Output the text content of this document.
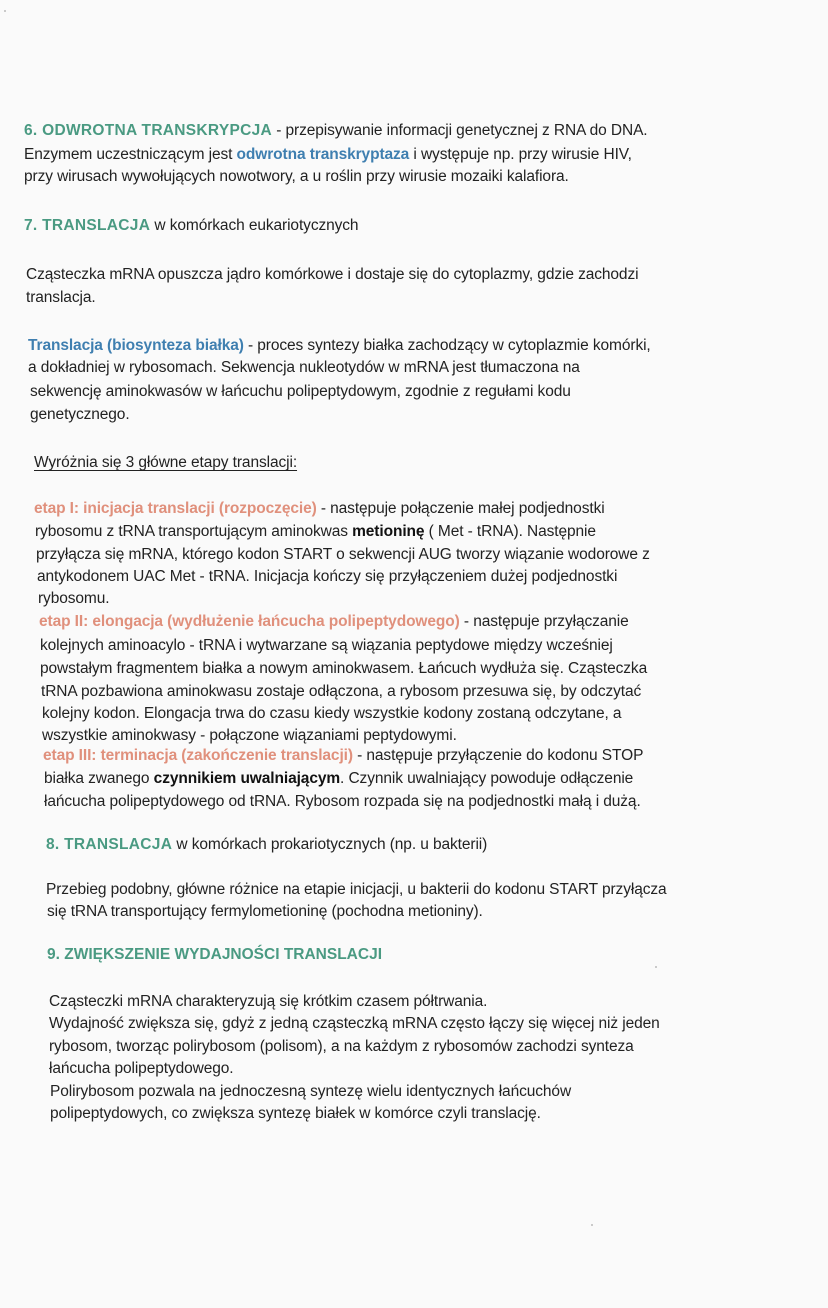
6. ODWROTNA TRANSKRYPCJA - przepisywanie informacji genetycznej z RNA do DNA.
Enzymem uczestniczącym jest odwrotna transkryptaza i występuje np. przy wirusie HIV,
przy wirusach wywołujących nowotwory, a u roślin przy wirusie mozaiki kalafiora.
7. TRANSLACJA w komórkach eukariotycznych
Cząsteczka mRNA opuszcza jądro komórkowe i dostaje się do cytoplazmy, gdzie zachodzi
translacja.
Translacja (biosynteza białka) - proces syntezy białka zachodzący w cytoplazmie komórki,
a dokładniej w rybosomach. Sekwencja nukleotydów w mRNA jest tłumaczona na
sekwencję aminokwasów w łańcuchu polipeptydowym, zgodnie z regułami kodu
genetycznego.
Wyróżnia się 3 główne etapy translacji:
etap I: inicjacja translacji (rozpoczęcie) - następuje połączenie małej podjednostki
rybosomu z tRNA transportującym aminokwas metioninę ( Met - tRNA). Następnie
przyłącza się mRNA, którego kodon START o sekwencji AUG tworzy wiązanie wodorowe z
antykodonem UAC Met - tRNA. Inicjacja kończy się przyłączeniem dużej podjednostki
rybosomu.
etap II: elongacja (wydłużenie łańcucha polipeptydowego) - następuje przyłączanie
kolejnych aminoacylo - tRNA i wytwarzane są wiązania peptydowe między wcześniej
powstałym fragmentem białka a nowym aminokwasem. Łańcuch wydłuża się. Cząsteczka
tRNA pozbawiona aminokwasu zostaje odłączona, a rybosom przesuwa się, by odczytać
kolejny kodon. Elongacja trwa do czasu kiedy wszystkie kodony zostaną odczytane, a
wszystkie aminokwasy - połączone wiązaniami peptydowymi.
etap III: terminacja (zakończenie translacji) - następuje przyłączenie do kodonu STOP
białka zwanego czynnikiem uwalniającym. Czynnik uwalniający powoduje odłączenie
łańcucha polipeptydowego od tRNA. Rybosom rozpada się na podjednostki małą i dużą.
8. TRANSLACJA w komórkach prokariotycznych (np. u bakterii)
Przebieg podobny, główne różnice na etapie inicjacji, u bakterii do kodonu START przyłącza
się tRNA transportujący fermylometioninę (pochodna metioniny).
9. ZWIĘKSZENIE WYDAJNOŚCI TRANSLACJI
Cząsteczki mRNA charakteryzują się krótkim czasem półtrwania.
Wydajność zwiększa się, gdyż z jedną cząsteczką mRNA często łączy się więcej niż jeden
rybosom, tworząc polirybosom (polisom), a na każdym z rybosomów zachodzi synteza
łańcucha polipeptydowego.
Polirybosom pozwala na jednoczesną syntezę wielu identycznych łańcuchów
polipeptydowych, co zwiększa syntezę białek w komórce czyli translację.
